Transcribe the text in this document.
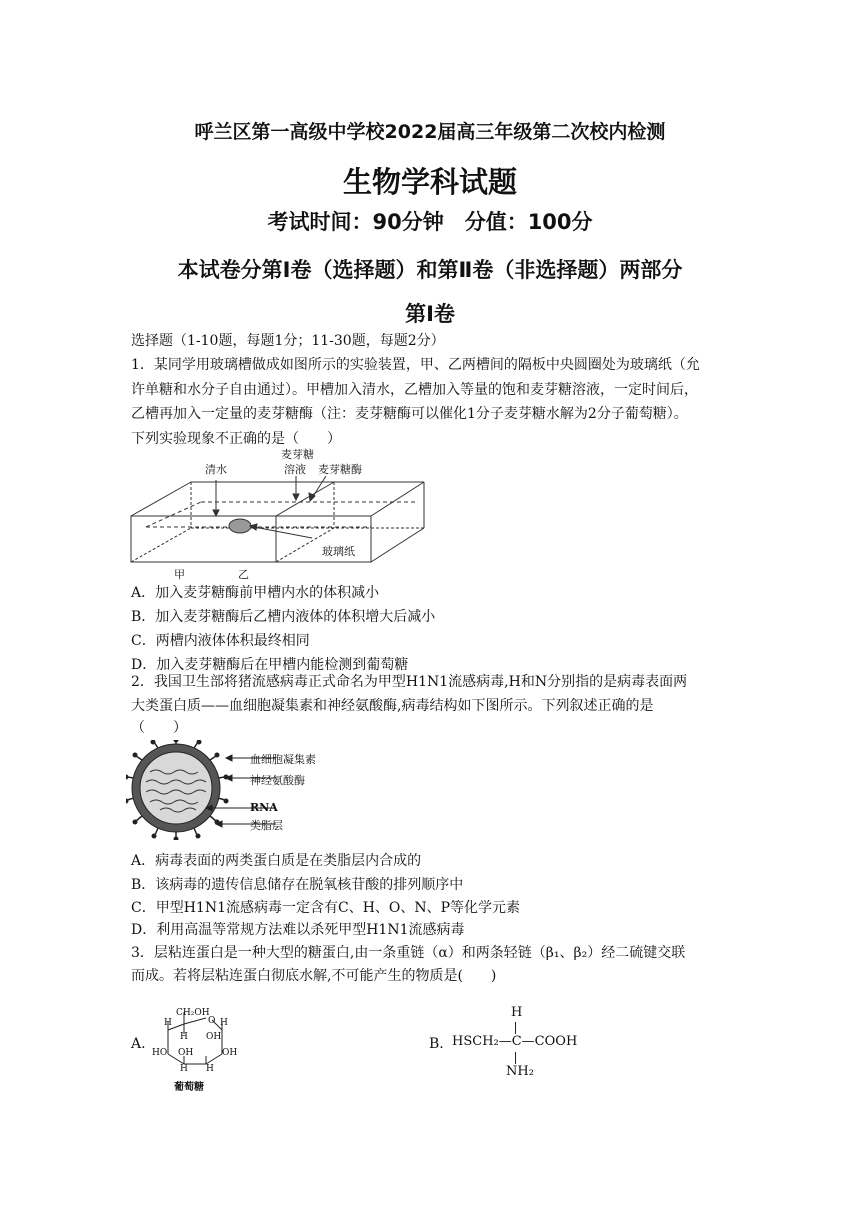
呼兰区第一高级中学校2022届高三年级第二次校内检测
生物学科试题
考试时间：90分钟　分值：100分
本试卷分第Ⅰ卷（选择题）和第Ⅱ卷（非选择题）两部分
第Ⅰ卷
选择题（1-10题，每题1分；11-30题，每题2分）
1．某同学用玻璃槽做成如图所示的实验装置，甲、乙两槽间的隔板中央圆圈处为玻璃纸（允
许单糖和水分子自由通过）。甲槽加入清水，乙槽加入等量的饱和麦芽糖溶液，一定时间后，
乙槽再加入一定量的麦芽糖酶（注：麦芽糖酶可以催化1分子麦芽糖水解为2分子葡萄糖）。
下列实验现象不正确的是（　　）
清水
麦芽糖
溶液 麦芽糖酶
玻璃纸
甲	乙
A．加入麦芽糖酶前甲槽内水的体积减小
B．加入麦芽糖酶后乙槽内液体的体积增大后减小
C．两槽内液体体积最终相同
D．加入麦芽糖酶后在甲槽内能检测到葡萄糖
2．我国卫生部将猪流感病毒正式命名为甲型H1N1流感病毒,H和N分别指的是病毒表面两
大类蛋白质——血细胞凝集素和神经氨酸酶,病毒结构如下图所示。下列叙述正确的是
（　　）
血细胞凝集素
神经氨酸酶
RNA
类脂层
A．病毒表面的两类蛋白质是在类脂层内合成的
B．该病毒的遗传信息储存在脱氧核苷酸的排列顺序中
C．甲型H1N1流感病毒一定含有C、H、O、N、P等化学元素
D．利用高温等常规方法难以杀死甲型H1N1流感病毒
3．层粘连蛋白是一种大型的糖蛋白,由一条重链（α）和两条轻链（β₁、β₂）经二硫键交联
而成。若将层粘连蛋白彻底水解,不可能产生的物质是(　　)
A.
CH₂OH
O
H	H
H OH
HO	OH
OH
H
H
葡萄糖
B.
H
HSCH₂—C—COOH
NH₂
